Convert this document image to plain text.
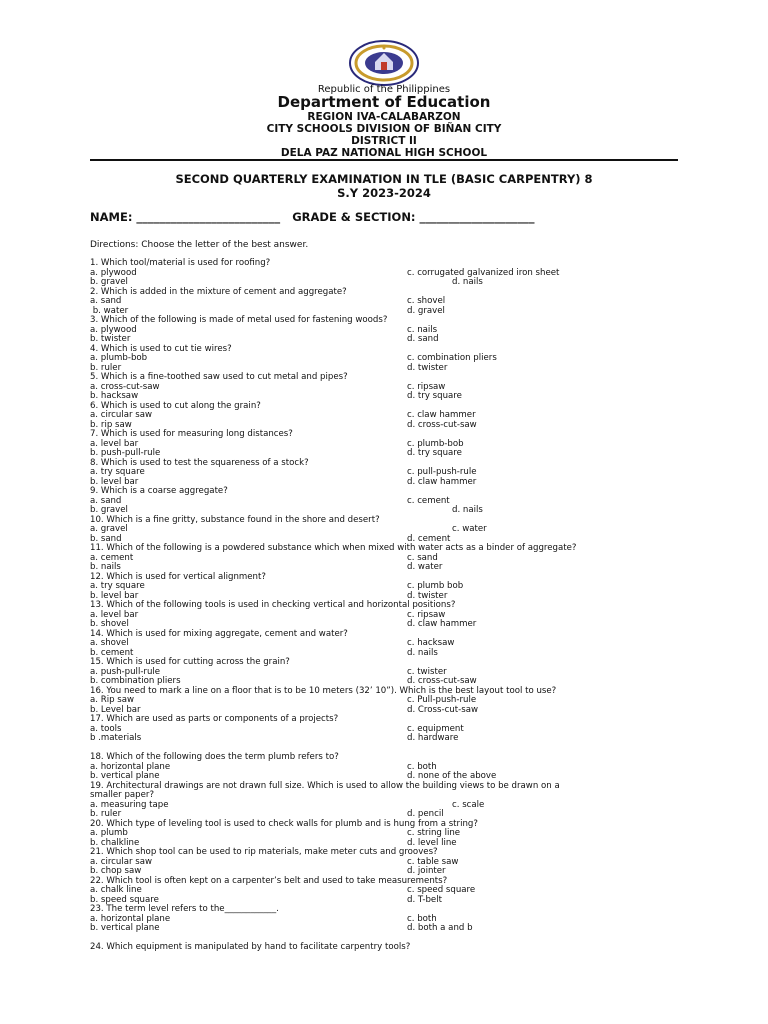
Republic of the Philippines
Department of Education
REGION IVA-CALABARZON
CITY SCHOOLS DIVISION OF BIÑAN CITY
DISTRICT II
DELA PAZ NATIONAL HIGH SCHOOL
SECOND QUARTERLY EXAMINATION IN TLE (BASIC CARPENTRY) 8
S.Y 2023-2024
NAME: _________________________ GRADE & SECTION: ____________________
Directions: Choose the letter of the best answer.
1. Which tool/material is used for roofing?
a. plywood	c. corrugated galvanized iron sheet
b. gravel	d. nails
2. Which is added in the mixture of cement and aggregate?
a. sand	c. shovel
b. water	d. gravel
3. Which of the following is made of metal used for fastening woods?
a. plywood	c. nails
b. twister	d. sand
4. Which is used to cut tie wires?
a. plumb-bob	c. combination pliers
b. ruler	d. twister
5. Which is a fine-toothed saw used to cut metal and pipes?
a. cross-cut-saw	c. ripsaw
b. hacksaw	d. try square
6. Which is used to cut along the grain?
a. circular saw	c. claw hammer
b. rip saw	d. cross-cut-saw
7. Which is used for measuring long distances?
a. level bar	c. plumb-bob
b. push-pull-rule	d. try square
8. Which is used to test the squareness of a stock?
a. try square	c. pull-push-rule
b. level bar	d. claw hammer
9. Which is a coarse aggregate?
a. sand	c. cement
b. gravel	d. nails
10. Which is a fine gritty, substance found in the shore and desert?
a. gravel	c. water
b. sand	d. cement
11. Which of the following is a powdered substance which when mixed with water acts as a binder of aggregate?
a. cement	c. sand
b. nails	d. water
12. Which is used for vertical alignment?
a. try square	c. plumb bob
b. level bar	d. twister
13. Which of the following tools is used in checking vertical and horizontal positions?
a. level bar	c. ripsaw
b. shovel	d. claw hammer
14. Which is used for mixing aggregate, cement and water?
a. shovel	c. hacksaw
b. cement	d. nails
15. Which is used for cutting across the grain?
a. push-pull-rule	c. twister
b. combination pliers	d. cross-cut-saw
16. You need to mark a line on a floor that is to be 10 meters (32’ 10”). Which is the best layout tool to use?
a. Rip saw	c. Pull-push-rule
b. Level bar	d. Cross-cut-saw
17. Which are used as parts or components of a projects?
a. tools	c. equipment
b .materials	d. hardware
18. Which of the following does the term plumb refers to?
a. horizontal plane	c. both
b. vertical plane	d. none of the above
19. Architectural drawings are not drawn full size. Which is used to allow the building views to be drawn on a
smaller paper?
a. measuring tape	c. scale
b. ruler	d. pencil
20. Which type of leveling tool is used to check walls for plumb and is hung from a string?
a. plumb	c. string line
b. chalkline	d. level line
21. Which shop tool can be used to rip materials, make meter cuts and grooves?
a. circular saw	c. table saw
b. chop saw	d. jointer
22. Which tool is often kept on a carpenter’s belt and used to take measurements?
a. chalk line	c. speed square
b. speed square	d. T-belt
23. The term level refers to the____________.
a. horizontal plane	c. both
b. vertical plane	d. both a and b
24. Which equipment is manipulated by hand to facilitate carpentry tools?
